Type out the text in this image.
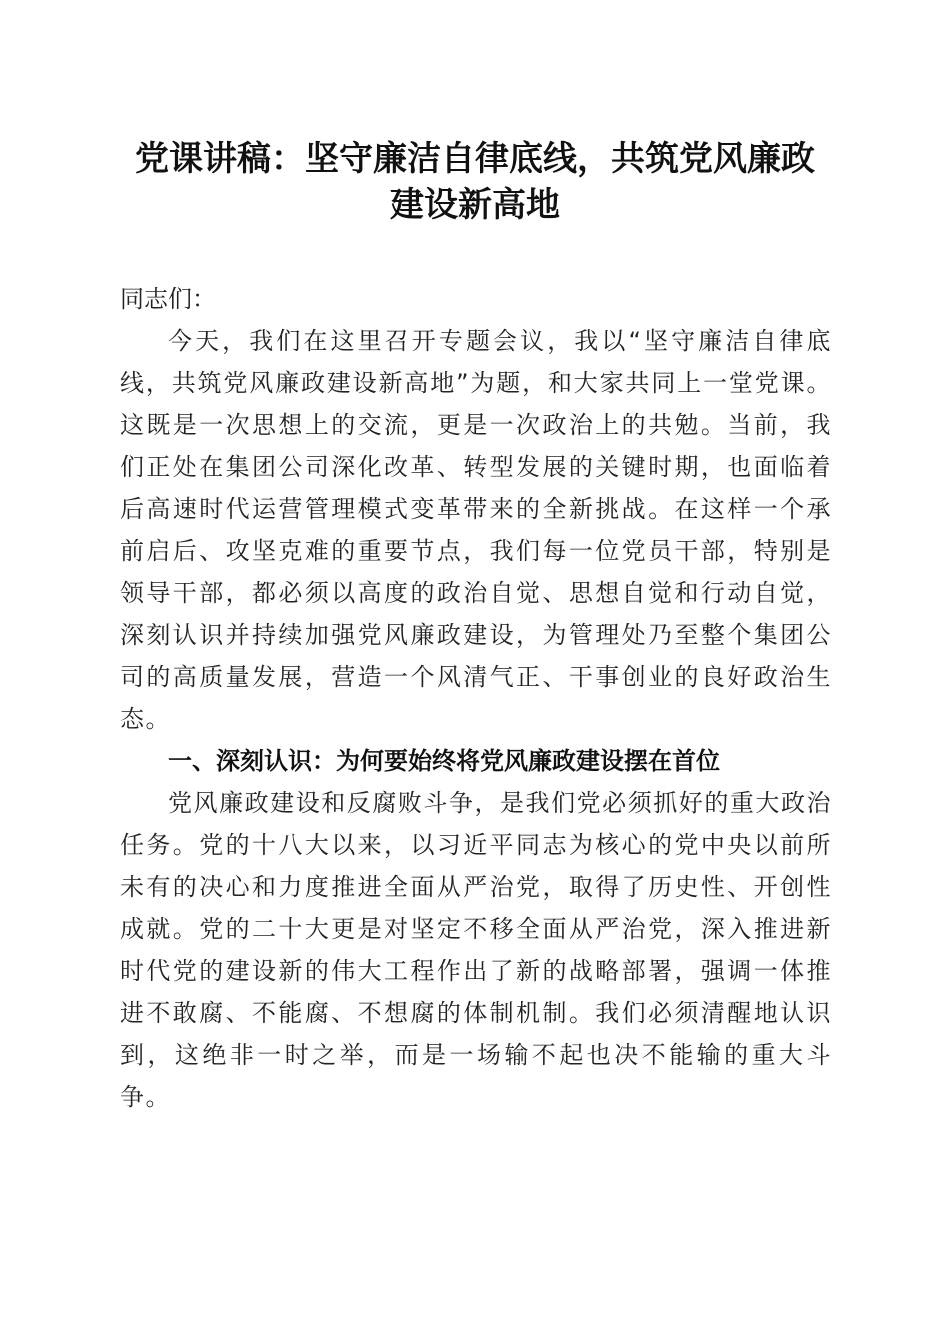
党课讲稿：坚守廉洁自律底线，共筑党风廉政
建设新高地

同志们：

今天，我们在这里召开专题会议，我以“坚守廉洁自律底线，共筑党风廉政建设新高地”为题，和大家共同上一堂党课。这既是一次思想上的交流，更是一次政治上的共勉。当前，我们正处在集团公司深化改革、转型发展的关键时期，也面临着后高速时代运营管理模式变革带来的全新挑战。在这样一个承前启后、攻坚克难的重要节点，我们每一位党员干部，特别是领导干部，都必须以高度的政治自觉、思想自觉和行动自觉，深刻认识并持续加强党风廉政建设，为管理处乃至整个集团公司的高质量发展，营造一个风清气正、干事创业的良好政治生态。

一、深刻认识：为何要始终将党风廉政建设摆在首位

党风廉政建设和反腐败斗争，是我们党必须抓好的重大政治任务。党的十八大以来，以习近平同志为核心的党中央以前所未有的决心和力度推进全面从严治党，取得了历史性、开创性成就。党的二十大更是对坚定不移全面从严治党，深入推进新时代党的建设新的伟大工程作出了新的战略部署，强调一体推进不敢腐、不能腐、不想腐的体制机制。我们必须清醒地认识到，这绝非一时之举，而是一场输不起也决不能输的重大斗争。
